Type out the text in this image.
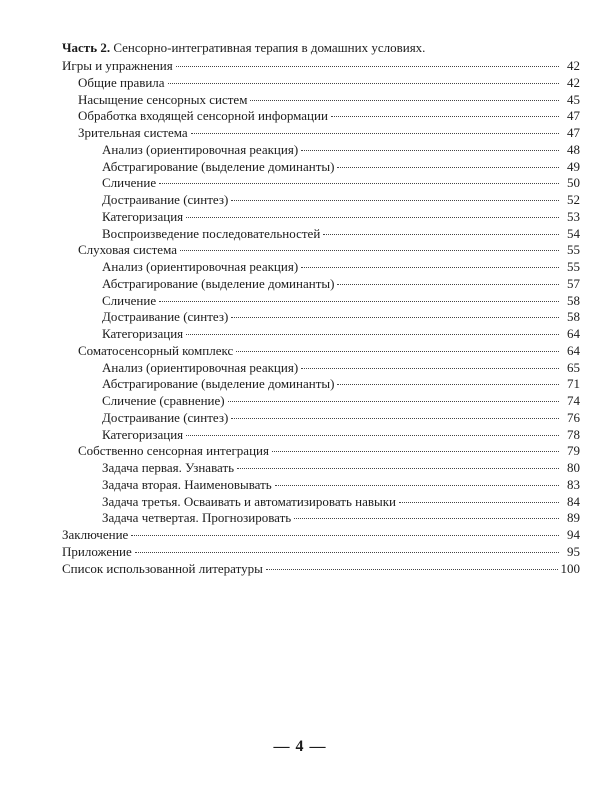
Часть 2. Сенсорно-интегративная терапия в домашних условиях.
Игры и упражнения	42
Общие правила	42
Насыщение сенсорных систем	45
Обработка входящей сенсорной информации	47
Зрительная система	47
Анализ (ориентировочная реакция)	48
Абстрагирование (выделение доминанты)	49
Сличение	50
Достраивание (синтез)	52
Категоризация	53
Воспроизведение последовательностей	54
Слуховая система	55
Анализ (ориентировочная реакция)	55
Абстрагирование (выделение доминанты)	57
Сличение	58
Достраивание (синтез)	58
Категоризация	64
Соматосенсорный комплекс	64
Анализ (ориентировочная реакция)	65
Абстрагирование (выделение доминанты)	71
Сличение (сравнение)	74
Достраивание (синтез)	76
Категоризация	78
Собственно сенсорная интеграция	79
Задача первая. Узнавать	80
Задача вторая. Наименовывать	83
Задача третья. Осваивать и автоматизировать навыки	84
Задача четвертая. Прогнозировать	89
Заключение	94
Приложение	95
Список использованной литературы	100
— 4 —
